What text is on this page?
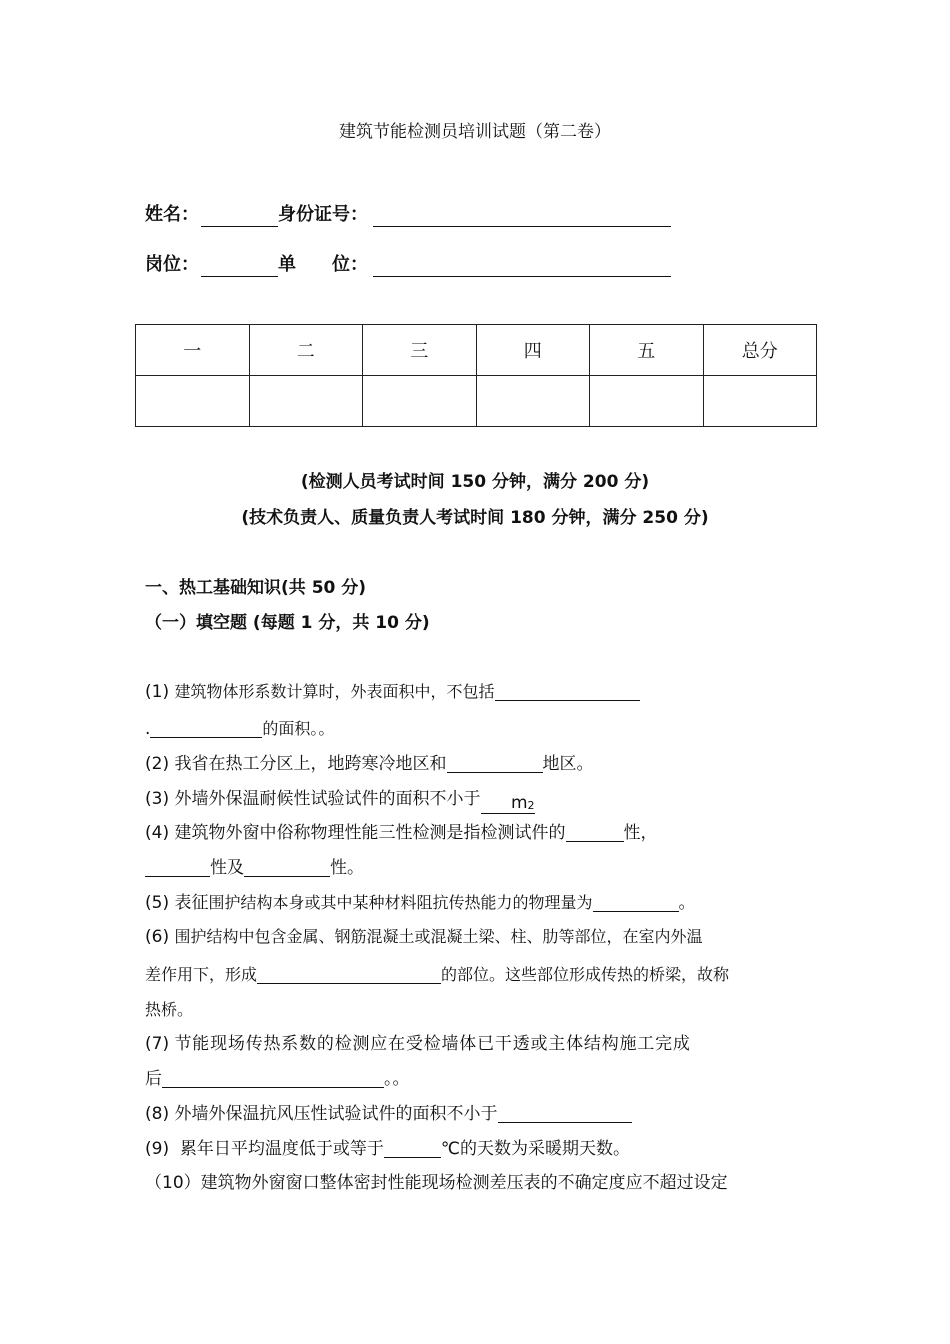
建筑节能检测员培训试题（第二卷）
姓名：	身份证号：
岗位：	单　　位：
一	二	三	四	五	总分

(检测人员考试时间 150 分钟，满分 200 分)
(技术负责人、质量负责人考试时间 180 分钟，满分 250 分)
一、热工基础知识(共 50 分)
（一）填空题 (每题 1 分，共 10 分)
(1) 建筑物体形系数计算时，外表面积中，不包括
.	的面积。。
(2) 我省在热工分区上，地跨寒冷地区和	地区。
(3) 外墙外保温耐候性试验试件的面积不小于 $m_2$
(4) 建筑物外窗中俗称物理性能三性检测是指检测试件的	性，
性及	性。
(5) 表征围护结构本身或其中某种材料阻抗传热能力的物理量为	。
(6) 围护结构中包含金属、钢筋混凝土或混凝土梁、柱、肋等部位，在室内外温
差作用下，形成	的部位。这些部位形成传热的桥梁，故称
热桥。
(7) 节能现场传热系数的检测应在受检墙体已干透或主体结构施工完成
后	。。
(8) 外墙外保温抗风压性试验试件的面积不小于
(9) 累年日平均温度低于或等于	℃的天数为采暖期天数。
（10）建筑物外窗窗口整体密封性能现场检测差压表的不确定度应不超过设定
